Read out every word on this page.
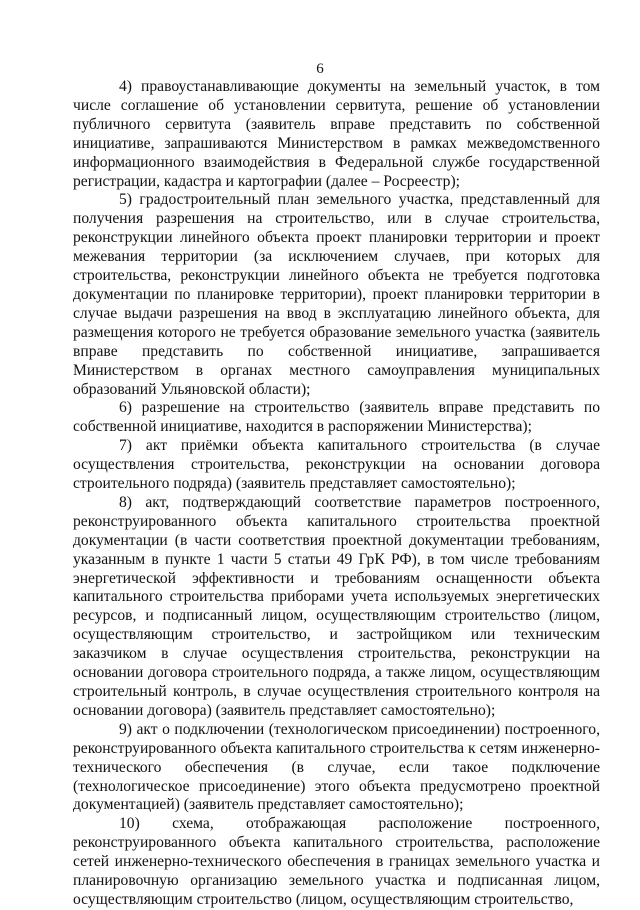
6

4) правоустанавливающие документы на земельный участок, в том числе соглашение об установлении сервитута, решение об установлении публичного сервитута (заявитель вправе представить по собственной инициативе, запрашиваются Министерством в рамках межведомственного информационного взаимодействия в Федеральной службе государственной регистрации, кадастра и картографии (далее – Росреестр);

5) градостроительный план земельного участка, представленный для получения разрешения на строительство, или в случае строительства, реконструкции линейного объекта проект планировки территории и проект межевания территории (за исключением случаев, при которых для строительства, реконструкции линейного объекта не требуется подготовка документации по планировке территории), проект планировки территории в случае выдачи разрешения на ввод в эксплуатацию линейного объекта, для размещения которого не требуется образование земельного участка (заявитель вправе представить по собственной инициативе, запрашивается Министерством в органах местного самоуправления муниципальных образований Ульяновской области);

6) разрешение на строительство (заявитель вправе представить по собственной инициативе, находится в распоряжении Министерства);

7) акт приёмки объекта капитального строительства (в случае осуществления строительства, реконструкции на основании договора строительного подряда) (заявитель представляет самостоятельно);

8) акт, подтверждающий соответствие параметров построенного, реконструированного объекта капитального строительства проектной документации (в части соответствия проектной документации требованиям, указанным в пункте 1 части 5 статьи 49 ГрК РФ), в том числе требованиям энергетической эффективности и требованиям оснащенности объекта капитального строительства приборами учета используемых энергетических ресурсов, и подписанный лицом, осуществляющим строительство (лицом, осуществляющим строительство, и застройщиком или техническим заказчиком в случае осуществления строительства, реконструкции на основании договора строительного подряда, а также лицом, осуществляющим строительный контроль, в случае осуществления строительного контроля на основании договора) (заявитель представляет самостоятельно);

9) акт о подключении (технологическом присоединении) построенного, реконструированного объекта капитального строительства к сетям инженерно-технического обеспечения (в случае, если такое подключение (технологическое присоединение) этого объекта предусмотрено проектной документацией) (заявитель представляет самостоятельно);

10) схема, отображающая расположение построенного, реконструированного объекта капитального строительства, расположение сетей инженерно-технического обеспечения в границах земельного участка и планировочную организацию земельного участка и подписанная лицом, осуществляющим строительство (лицом, осуществляющим строительство,
